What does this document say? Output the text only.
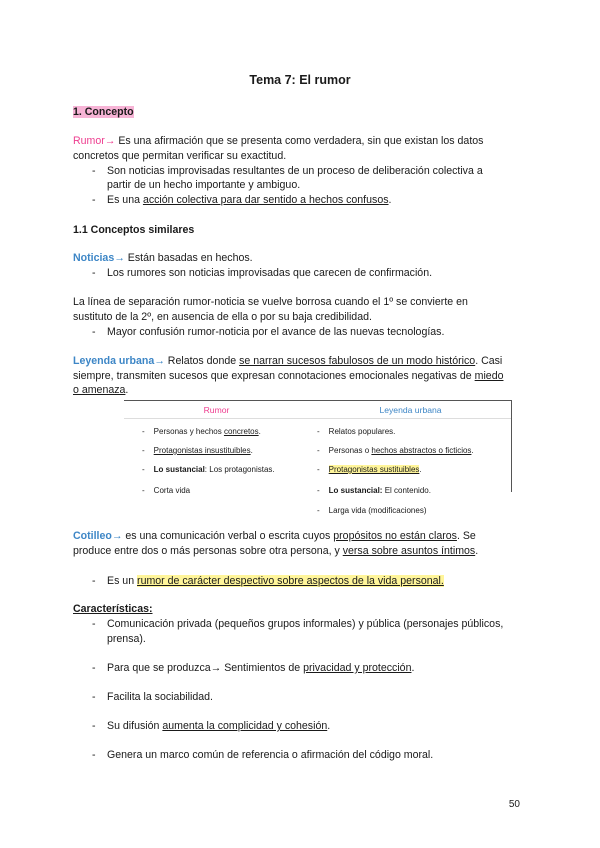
Tema 7: El rumor
1. Concepto
Rumor→ Es una afirmación que se presenta como verdadera, sin que existan los datos
concretos que permitan verificar su exactitud.
- Son noticias improvisadas resultantes de un proceso de deliberación colectiva a
partir de un hecho importante y ambiguo.
- Es una acción colectiva para dar sentido a hechos confusos.
1.1 Conceptos similares
Noticias→ Están basadas en hechos.
- Los rumores son noticias improvisadas que carecen de confirmación.
La línea de separación rumor-noticia se vuelve borrosa cuando el 1º se convierte en
sustituto de la 2º, en ausencia de ella o por su baja credibilidad.
- Mayor confusión rumor-noticia por el avance de las nuevas tecnologías.
Leyenda urbana→ Relatos donde se narran sucesos fabulosos de un modo histórico. Casi
siempre, transmiten sucesos que expresan connotaciones emocionales negativas de miedo
o amenaza.
Rumor	Leyenda urbana
- Personas y hechos concretos.
- Protagonistas insustituibles.
- Lo sustancial: Los protagonistas.
- Corta vida
- Relatos populares.
- Personas o hechos abstractos o ficticios.
- Protagonistas sustituibles.
- Lo sustancial: El contenido.
- Larga vida (modificaciones)
Cotilleo→ es una comunicación verbal o escrita cuyos propósitos no están claros. Se
produce entre dos o más personas sobre otra persona, y versa sobre asuntos íntimos.
- Es un rumor de carácter despectivo sobre aspectos de la vida personal.
Características:
- Comunicación privada (pequeños grupos informales) y pública (personajes públicos,
prensa).
- Para que se produzca→ Sentimientos de privacidad y protección.
- Facilita la sociabilidad.
- Su difusión aumenta la complicidad y cohesión.
- Genera un marco común de referencia o afirmación del código moral.
50
